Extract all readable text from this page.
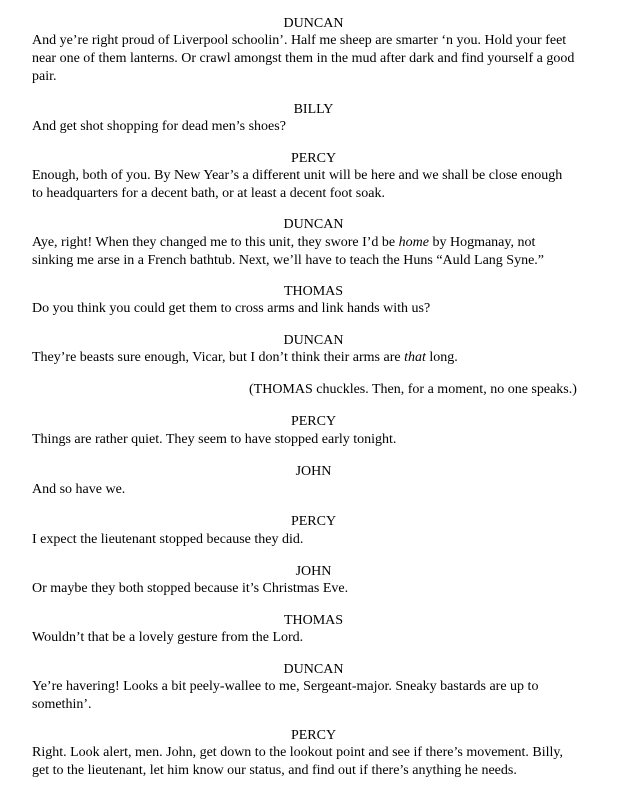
DUNCAN
And ye’re right proud of Liverpool schoolin’. Half me sheep are smarter ‘n you. Hold your feet
near one of them lanterns. Or crawl amongst them in the mud after dark and find yourself a good
pair.
BILLY
And get shot shopping for dead men’s shoes?
PERCY
Enough, both of you. By New Year’s a different unit will be here and we shall be close enough
to headquarters for a decent bath, or at least a decent foot soak.
DUNCAN
Aye, right! When they changed me to this unit, they swore I’d be home by Hogmanay, not
sinking me arse in a French bathtub. Next, we’ll have to teach the Huns “Auld Lang Syne.”
THOMAS
Do you think you could get them to cross arms and link hands with us?
DUNCAN
They’re beasts sure enough, Vicar, but I don’t think their arms are that long.
(THOMAS chuckles. Then, for a moment, no one speaks.)
PERCY
Things are rather quiet. They seem to have stopped early tonight.
JOHN
And so have we.
PERCY
I expect the lieutenant stopped because they did.
JOHN
Or maybe they both stopped because it’s Christmas Eve.
THOMAS
Wouldn’t that be a lovely gesture from the Lord.
DUNCAN
Ye’re havering! Looks a bit peely-wallee to me, Sergeant-major. Sneaky bastards are up to
somethin’.
PERCY
Right. Look alert, men. John, get down to the lookout point and see if there’s movement. Billy,
get to the lieutenant, let him know our status, and find out if there’s anything he needs.
